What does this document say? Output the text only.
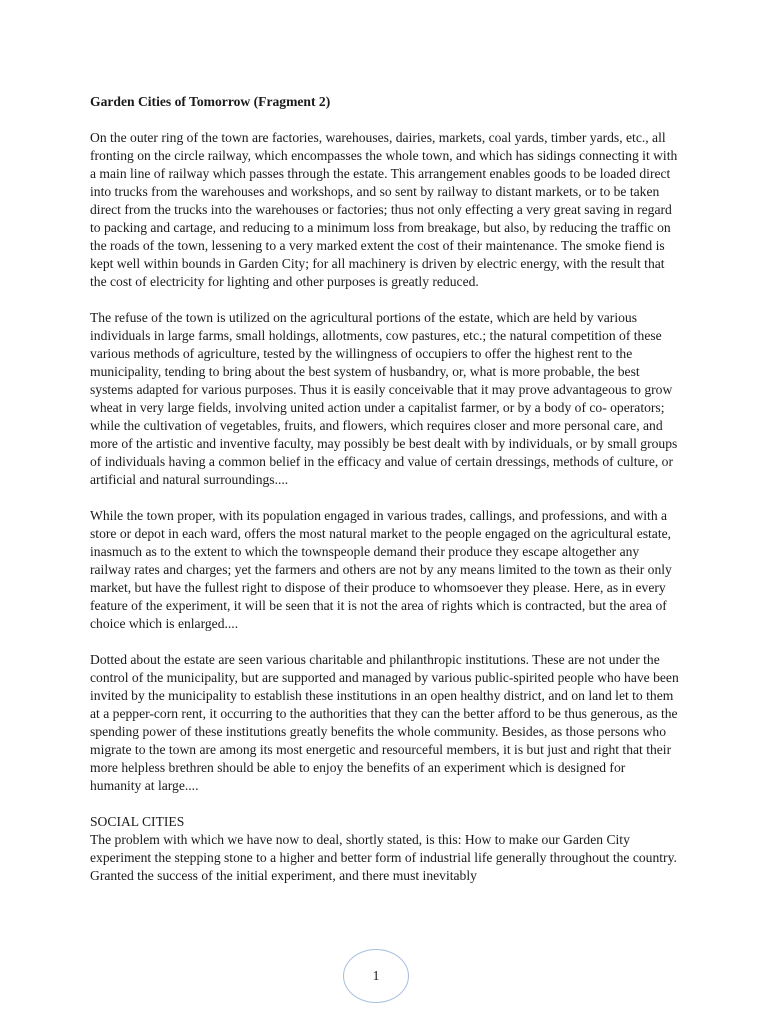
Garden Cities of Tomorrow (Fragment 2)

On the outer ring of the town are factories, warehouses, dairies, markets, coal yards, timber yards, etc., all fronting on the circle railway, which encompasses the whole town, and which has sidings connecting it with a main line of railway which passes through the estate. This arrangement enables goods to be loaded direct into trucks from the warehouses and workshops, and so sent by railway to distant markets, or to be taken direct from the trucks into the warehouses or factories; thus not only effecting a very great saving in regard to packing and cartage, and reducing to a minimum loss from breakage, but also, by reducing the traffic on the roads of the town, lessening to a very marked extent the cost of their maintenance. The smoke fiend is kept well within bounds in Garden City; for all machinery is driven by electric energy, with the result that the cost of electricity for lighting and other purposes is greatly reduced.

The refuse of the town is utilized on the agricultural portions of the estate, which are held by various individuals in large farms, small holdings, allotments, cow pastures, etc.; the natural competition of these various methods of agriculture, tested by the willingness of occupiers to offer the highest rent to the municipality, tending to bring about the best system of husbandry, or, what is more probable, the best systems adapted for various purposes. Thus it is easily conceivable that it may prove advantageous to grow wheat in very large fields, involving united action under a capitalist farmer, or by a body of co- operators; while the cultivation of vegetables, fruits, and flowers, which requires closer and more personal care, and more of the artistic and inventive faculty, may possibly be best dealt with by individuals, or by small groups of individuals having a common belief in the efficacy and value of certain dressings, methods of culture, or artificial and natural surroundings....

While the town proper, with its population engaged in various trades, callings, and professions, and with a store or depot in each ward, offers the most natural market to the people engaged on the agricultural estate, inasmuch as to the extent to which the townspeople demand their produce they escape altogether any railway rates and charges; yet the farmers and others are not by any means limited to the town as their only market, but have the fullest right to dispose of their produce to whomsoever they please. Here, as in every feature of the experiment, it will be seen that it is not the area of rights which is contracted, but the area of choice which is enlarged....

Dotted about the estate are seen various charitable and philanthropic institutions. These are not under the control of the municipality, but are supported and managed by various public-spirited people who have been invited by the municipality to establish these institutions in an open healthy district, and on land let to them at a pepper-corn rent, it occurring to the authorities that they can the better afford to be thus generous, as the spending power of these institutions greatly benefits the whole community. Besides, as those persons who migrate to the town are among its most energetic and resourceful members, it is but just and right that their more helpless brethren should be able to enjoy the benefits of an experiment which is designed for humanity at large....

SOCIAL CITIES

The problem with which we have now to deal, shortly stated, is this: How to make our Garden City experiment the stepping stone to a higher and better form of industrial life generally throughout the country. Granted the success of the initial experiment, and there must inevitably

1
